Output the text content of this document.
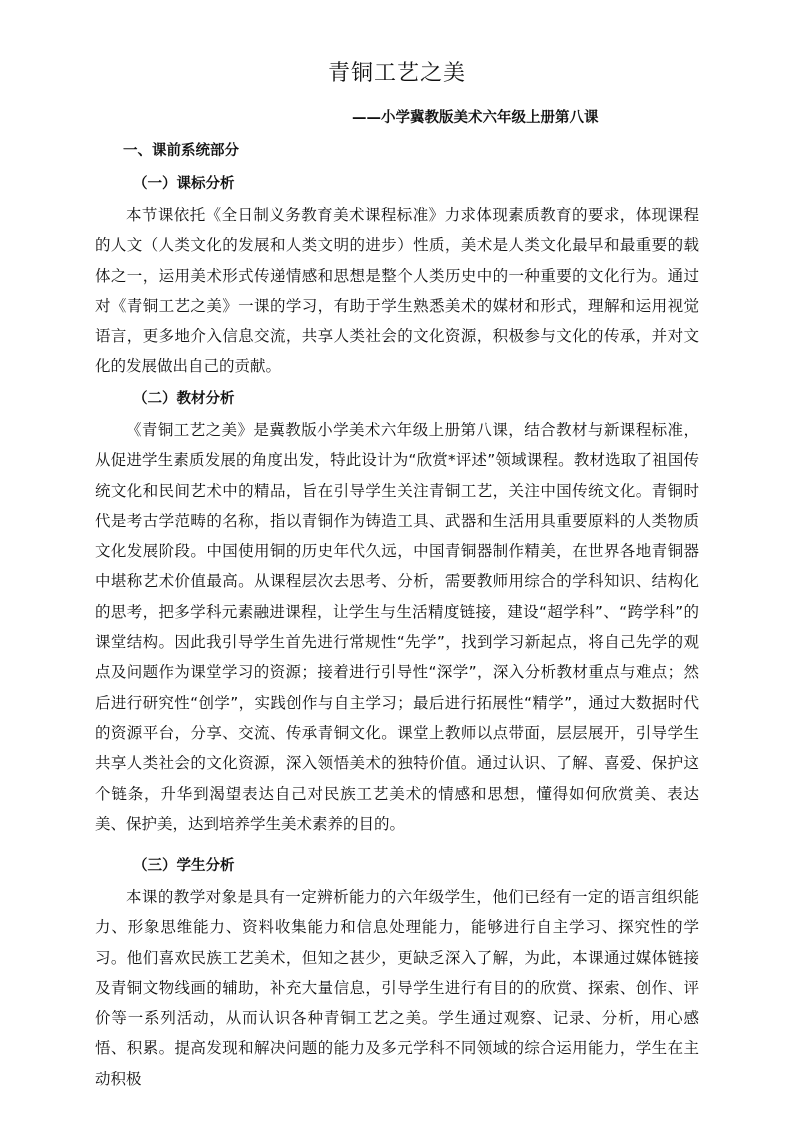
青铜工艺之美
——小学冀教版美术六年级上册第八课
一、课前系统部分
（一）课标分析

本节课依托《全日制义务教育美术课程标准》力求体现素质教育的要求，体现课程的人文（人类文化的发展和人类文明的进步）性质，美术是人类文化最早和最重要的载体之一，运用美术形式传递情感和思想是整个人类历史中的一种重要的文化行为。通过对《青铜工艺之美》一课的学习，有助于学生熟悉美术的媒材和形式，理解和运用视觉语言，更多地介入信息交流，共享人类社会的文化资源，积极参与文化的传承，并对文化的发展做出自己的贡献。

（二）教材分析

《青铜工艺之美》是冀教版小学美术六年级上册第八课，结合教材与新课程标准，从促进学生素质发展的角度出发，特此设计为“欣赏*评述”领域课程。教材选取了祖国传统文化和民间艺术中的精品，旨在引导学生关注青铜工艺，关注中国传统文化。青铜时代是考古学范畴的名称，指以青铜作为铸造工具、武器和生活用具重要原料的人类物质文化发展阶段。中国使用铜的历史年代久远，中国青铜器制作精美，在世界各地青铜器中堪称艺术价值最高。从课程层次去思考、分析，需要教师用综合的学科知识、结构化的思考，把多学科元素融进课程，让学生与生活精度链接，建设“超学科”、“跨学科”的课堂结构。因此我引导学生首先进行常规性“先学”，找到学习新起点，将自己先学的观点及问题作为课堂学习的资源；接着进行引导性“深学”，深入分析教材重点与难点；然后进行研究性“创学”，实践创作与自主学习；最后进行拓展性“精学”，通过大数据时代的资源平台，分享、交流、传承青铜文化。课堂上教师以点带面，层层展开，引导学生共享人类社会的文化资源，深入领悟美术的独特价值。通过认识、了解、喜爱、保护这个链条，升华到渴望表达自己对民族工艺美术的情感和思想，懂得如何欣赏美、表达美、保护美，达到培养学生美术素养的目的。

（三）学生分析

本课的教学对象是具有一定辨析能力的六年级学生，他们已经有一定的语言组织能力、形象思维能力、资料收集能力和信息处理能力，能够进行自主学习、探究性的学习。他们喜欢民族工艺美术，但知之甚少，更缺乏深入了解，为此，本课通过媒体链接及青铜文物线画的辅助，补充大量信息，引导学生进行有目的的欣赏、探索、创作、评价等一系列活动，从而认识各种青铜工艺之美。学生通过观察、记录、分析，用心感悟、积累。提高发现和解决问题的能力及多元学科不同领域的综合运用能力，学生在主动积极
